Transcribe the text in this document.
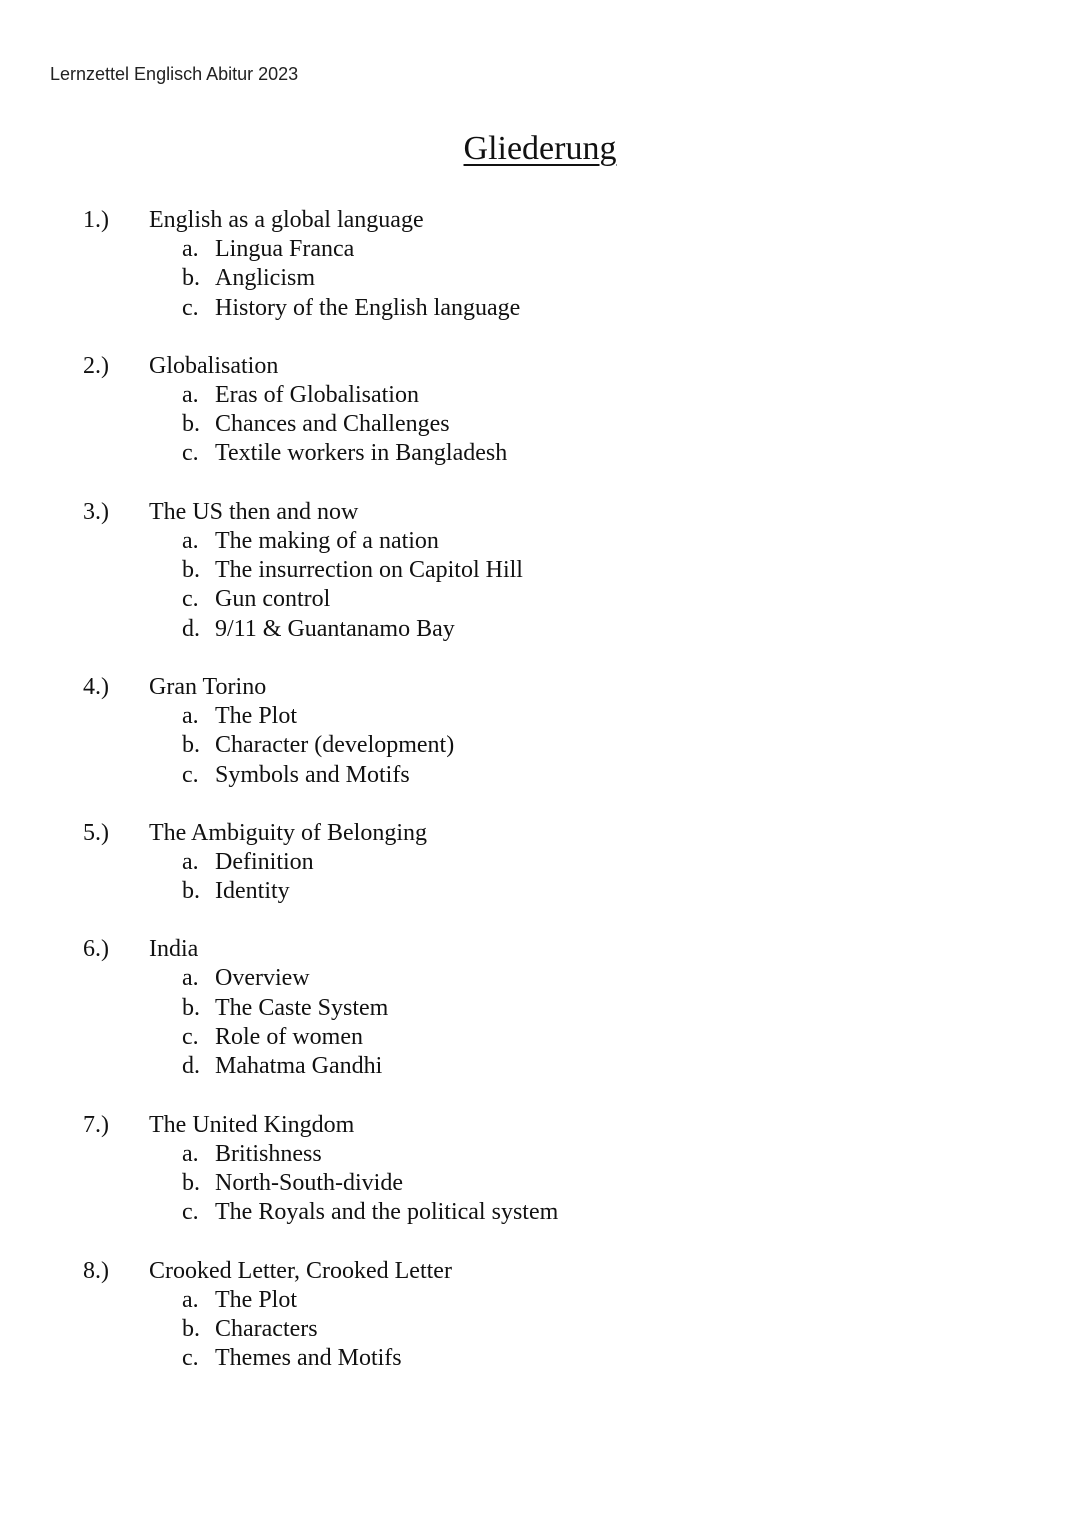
Lernzettel Englisch Abitur 2023
Gliederung
1.) English as a global language
a. Lingua Franca
b. Anglicism
c. History of the English language
2.) Globalisation
a. Eras of Globalisation
b. Chances and Challenges
c. Textile workers in Bangladesh
3.) The US then and now
a. The making of a nation
b. The insurrection on Capitol Hill
c. Gun control
d. 9/11 & Guantanamo Bay
4.) Gran Torino
a. The Plot
b. Character (development)
c. Symbols and Motifs
5.) The Ambiguity of Belonging
a. Definition
b. Identity
6.) India
a. Overview
b. The Caste System
c. Role of women
d. Mahatma Gandhi
7.) The United Kingdom
a. Britishness
b. North-South-divide
c. The Royals and the political system
8.) Crooked Letter, Crooked Letter
a. The Plot
b. Characters
c. Themes and Motifs
